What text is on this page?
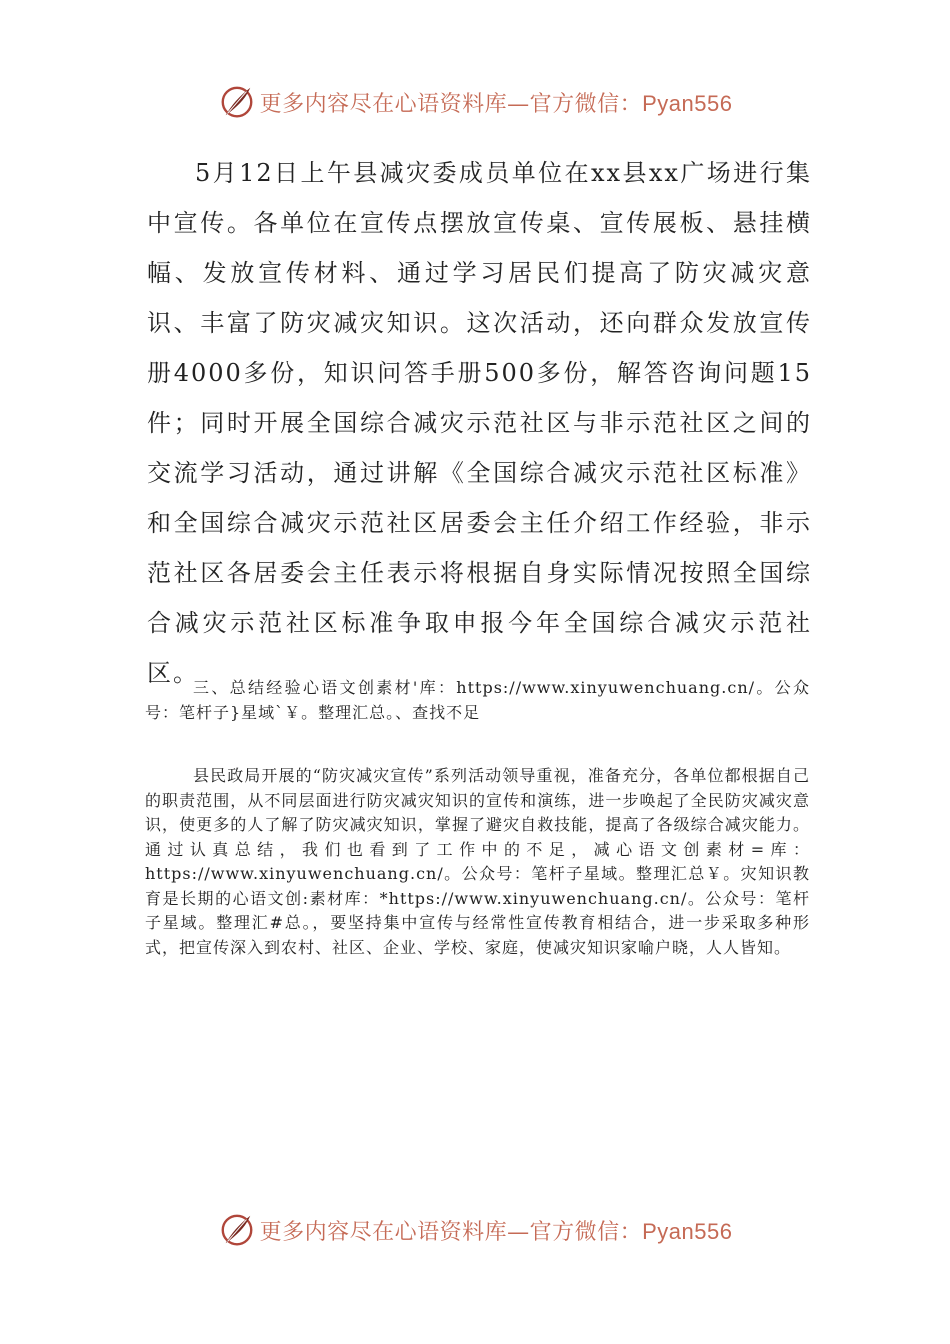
更多内容尽在心语资料库—官方微信：Pyan556

5月12日上午县减灾委成员单位在xx县xx广场进行集中宣传。各单位在宣传点摆放宣传桌、宣传展板、悬挂横幅、发放宣传材料、通过学习居民们提高了防灾减灾意识、丰富了防灾减灾知识。这次活动，还向群众发放宣传册4000多份，知识问答手册500多份，解答咨询问题15件；同时开展全国综合减灾示范社区与非示范社区之间的交流学习活动，通过讲解《全国综合减灾示范社区标准》和全国综合减灾示范社区居委会主任介绍工作经验，非示范社区各居委会主任表示将根据自身实际情况按照全国综合减灾示范社区标准争取申报今年全国综合减灾示范社区。

三、总结经验心语文创素材'库：https://www.xinyuwenchuang.cn/。公众号：笔杆子}星域`￥。整理汇总。、查找不足

县民政局开展的“防灾减灾宣传”系列活动领导重视，准备充分，各单位都根据自己的职责范围，从不同层面进行防灾减灾知识的宣传和演练，进一步唤起了全民防灾减灾意识，使更多的人了解了防灾减灾知识，掌握了避灾自救技能，提高了各级综合减灾能力。通过认真总结，我们也看到了工作中的不足，减心语文创素材=库：https://www.xinyuwenchuang.cn/。公众号：笔杆子星域。整理汇总￥。灾知识教育是长期的心语文创:素材库：*https://www.xinyuwenchuang.cn/。公众号：笔杆子星域。整理汇#总。，要坚持集中宣传与经常性宣传教育相结合，进一步采取多种形式，把宣传深入到农村、社区、企业、学校、家庭，使减灾知识家喻户晓，人人皆知。

更多内容尽在心语资料库—官方微信：Pyan556
